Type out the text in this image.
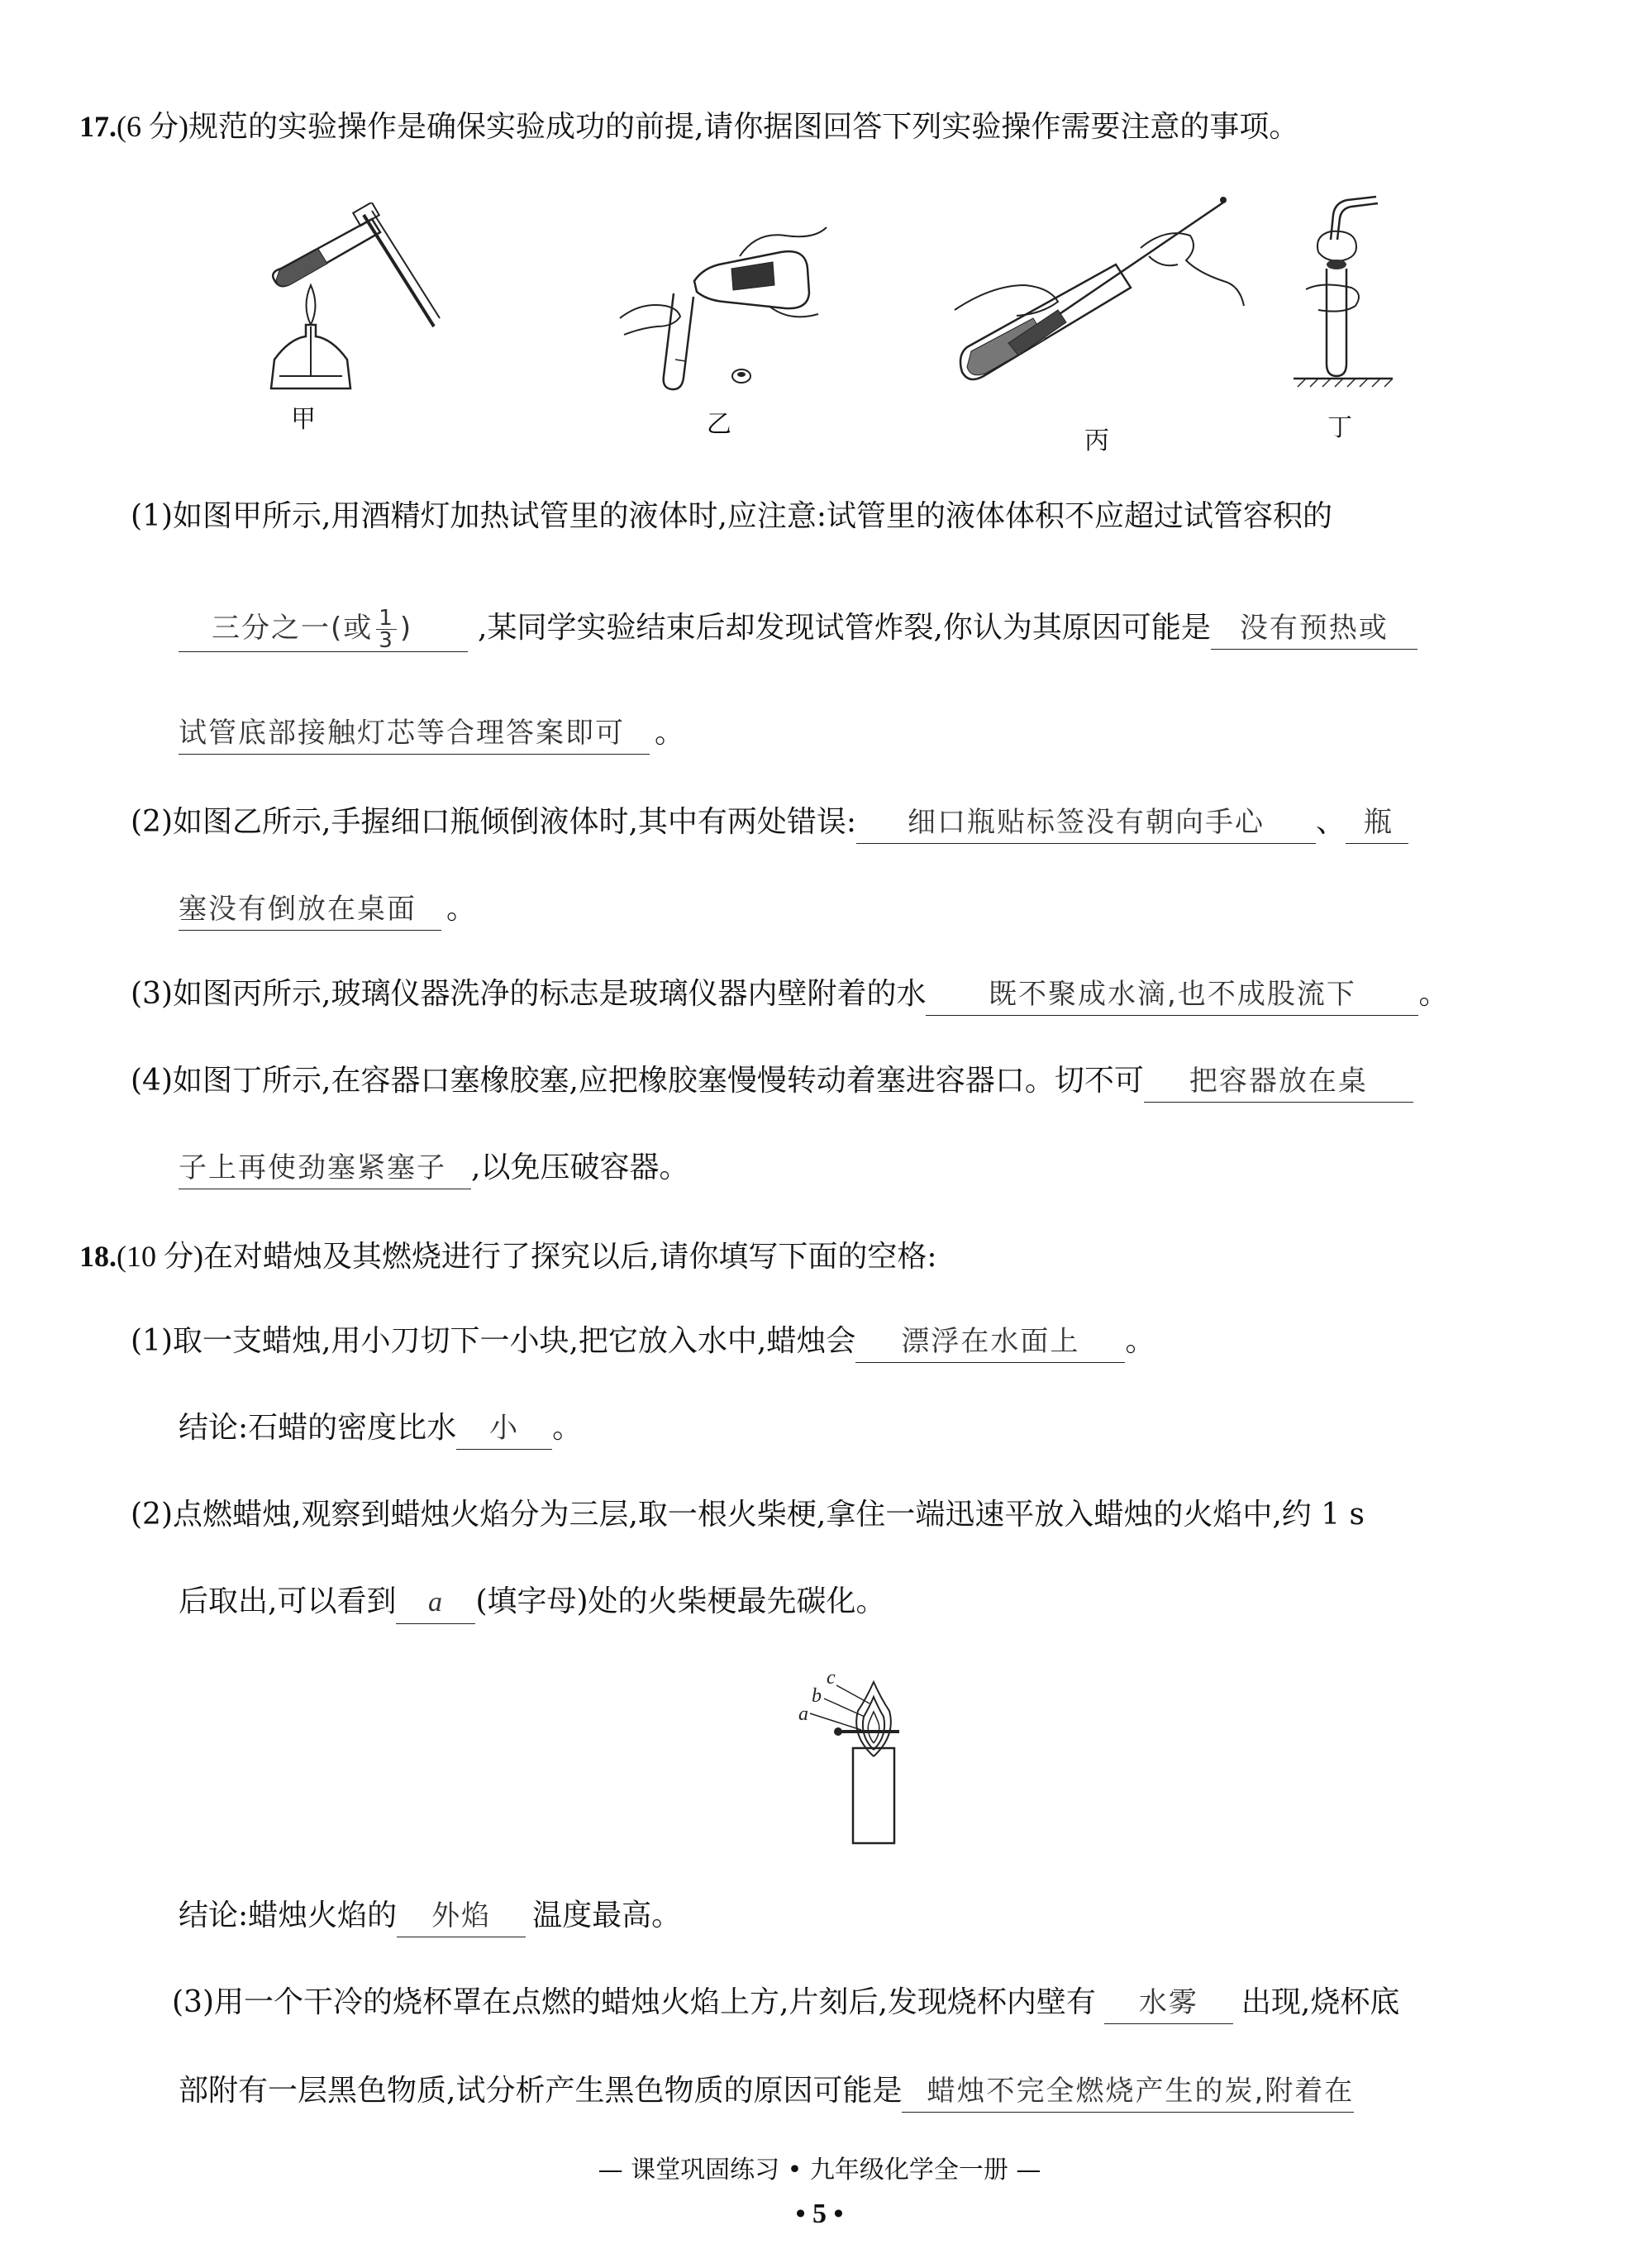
17.(6 分)规范的实验操作是确保实验成功的前提,请你据图回答下列实验操作需要注意的事项。
甲	乙
丙	丁
(1)如图甲所示,用酒精灯加热试管里的液体时,应注意:试管里的液体体积不应超过试管容积的
三分之一(或 $\frac{1}{3}$ ) ,某同学实验结束后却发现试管炸裂,你认为其原因可能是 没有预热或
试管底部接触灯芯等合理答案即可 。
(2)如图乙所示,手握细口瓶倾倒液体时,其中有两处错误: 细口瓶贴标签没有朝向手心 、 瓶
塞没有倒放在桌面 。
(3)如图丙所示,玻璃仪器洗净的标志是玻璃仪器内壁附着的水 既不聚成水滴,也不成股流下 。
(4)如图丁所示,在容器口塞橡胶塞,应把橡胶塞慢慢转动着塞进容器口。切不可 把容器放在桌
子上再使劲塞紧塞子 ,以免压破容器。
18.(10 分)在对蜡烛及其燃烧进行了探究以后,请你填写下面的空格:
(1)取一支蜡烛,用小刀切下一小块,把它放入水中,蜡烛会 漂浮在水面上 。
结论:石蜡的密度比水 小 。
(2)点燃蜡烛,观察到蜡烛火焰分为三层,取一根火柴梗,拿住一端迅速平放入蜡烛的火焰中,约 1 s
后取出,可以看到 a (填字母)处的火柴梗最先碳化。
a
b
c
结论:蜡烛火焰的 外焰 温度最高。
(3)用一个干冷的烧杯罩在点燃的蜡烛火焰上方,片刻后,发现烧杯内壁有 水雾 出现,烧杯底
部附有一层黑色物质,试分析产生黑色物质的原因可能是 蜡烛不完全燃烧产生的炭,附着在
— 课堂巩固练习 • 九年级化学全一册 —
• 5 •
